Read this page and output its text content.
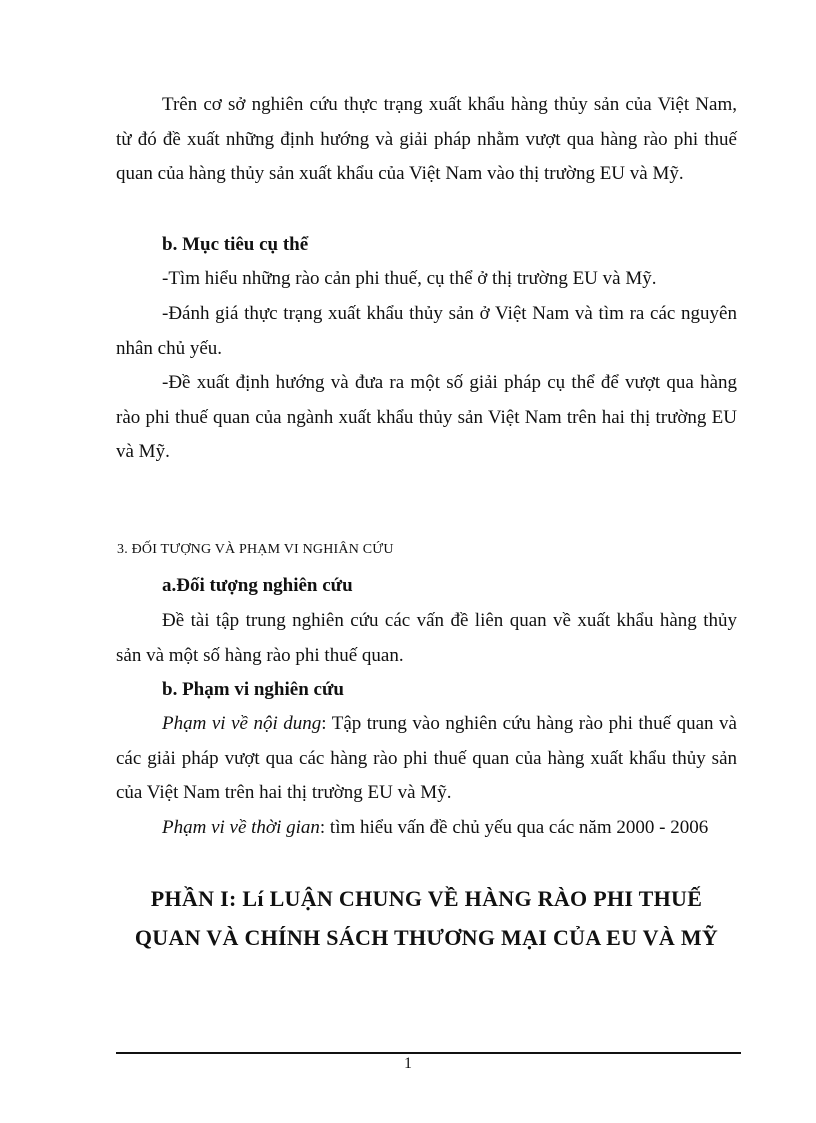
Trên cơ sở nghiên cứu thực trạng xuất khẩu hàng thủy sản của Việt Nam, từ đó đề xuất những định hướng và giải pháp nhằm vượt qua hàng rào phi thuế quan của hàng thủy sản xuất khẩu của Việt Nam vào thị trường EU và Mỹ.

b. Mục tiêu cụ thể

-Tìm hiểu những rào cản phi thuế, cụ thể ở thị trường EU và Mỹ.

-Đánh giá thực trạng xuất khẩu thủy sản ở Việt Nam và tìm ra các nguyên nhân chủ yếu.

-Đề xuất định hướng và đưa ra một số giải pháp cụ thể để vượt qua hàng rào phi thuế quan của ngành xuất khẩu thủy sản Việt Nam trên hai thị trường EU và Mỹ.

3. ĐỐI TƯỢNG VÀ PHẠM VI NGHIÂN CỨU

a.Đối tượng nghiên cứu

Đề tài tập trung nghiên cứu các vấn đề liên quan về xuất khẩu hàng thủy sản và một số hàng rào phi thuế quan.

b. Phạm vi nghiên cứu

Phạm vi về nội dung: Tập trung vào nghiên cứu hàng rào phi thuế quan và các giải pháp vượt qua các hàng rào phi thuế quan của hàng xuất khẩu thủy sản của Việt Nam trên hai thị trường EU và Mỹ.

Phạm vi về thời gian: tìm hiểu vấn đề chủ yếu qua các năm 2000 - 2006

PHẦN I: Lí LUẬN CHUNG VỀ HÀNG RÀO PHI THUẾ

QUAN VÀ CHÍNH SÁCH THƯƠNG MẠI CỦA EU VÀ MỸ

1
